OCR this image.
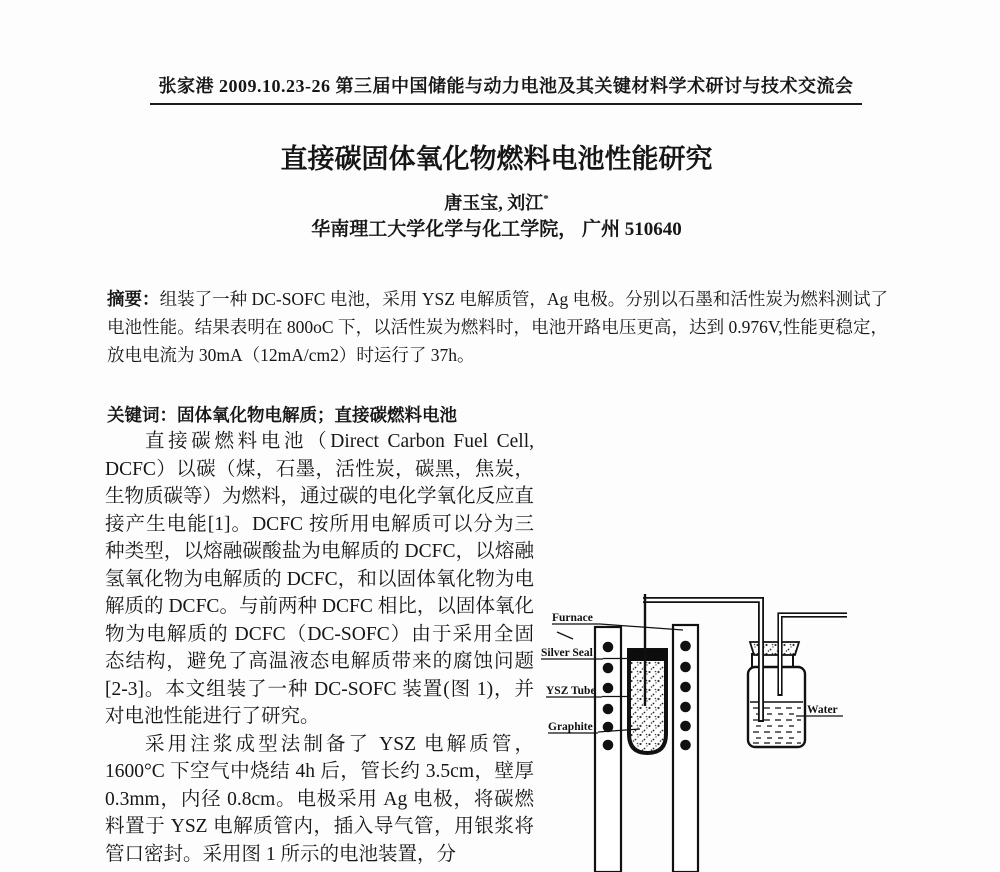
张家港 2009.10.23-26 第三届中国储能与动力电池及其关键材料学术研讨与技术交流会
直接碳固体氧化物燃料电池性能研究
唐玉宝, 刘江*
华南理工大学化学与化工学院， 广州 510640

摘要：组装了一种 DC-SOFC 电池，采用 YSZ 电解质管，Ag 电极。分别以石墨和活性炭为燃料测试了电池性能。结果表明在 800oC 下，以活性炭为燃料时，电池开路电压更高，达到 0.976V,性能更稳定，放电电流为 30mA（12mA/cm2）时运行了 37h。

关键词：固体氧化物电解质；直接碳燃料电池

Furnace
Silver Seal
YSZ Tube
Graphite
Water

直接碳燃料电池（Direct Carbon Fuel Cell, DCFC）以碳（煤，石墨，活性炭，碳黑，焦炭，生物质碳等）为燃料，通过碳的电化学氧化反应直接产生电能[1]。DCFC 按所用电解质可以分为三种类型，以熔融碳酸盐为电解质的 DCFC，以熔融氢氧化物为电解质的 DCFC，和以固体氧化物为电解质的 DCFC。与前两种 DCFC 相比，以固体氧化物为电解质的 DCFC（DC-SOFC）由于采用全固态结构，避免了高温液态电解质带来的腐蚀问题[2-3]。本文组装了一种 DC-SOFC 装置(图 1)，并对电池性能进行了研究。

采用注浆成型法制备了 YSZ 电解质管，1600°C 下空气中烧结 4h 后，管长约 3.5cm，壁厚 0.3mm，内径 0.8cm。电极采用 Ag 电极，将碳燃料置于 YSZ 电解质管内，插入导气管，用银浆将管口密封。采用图 1 所示的电池装置，分
